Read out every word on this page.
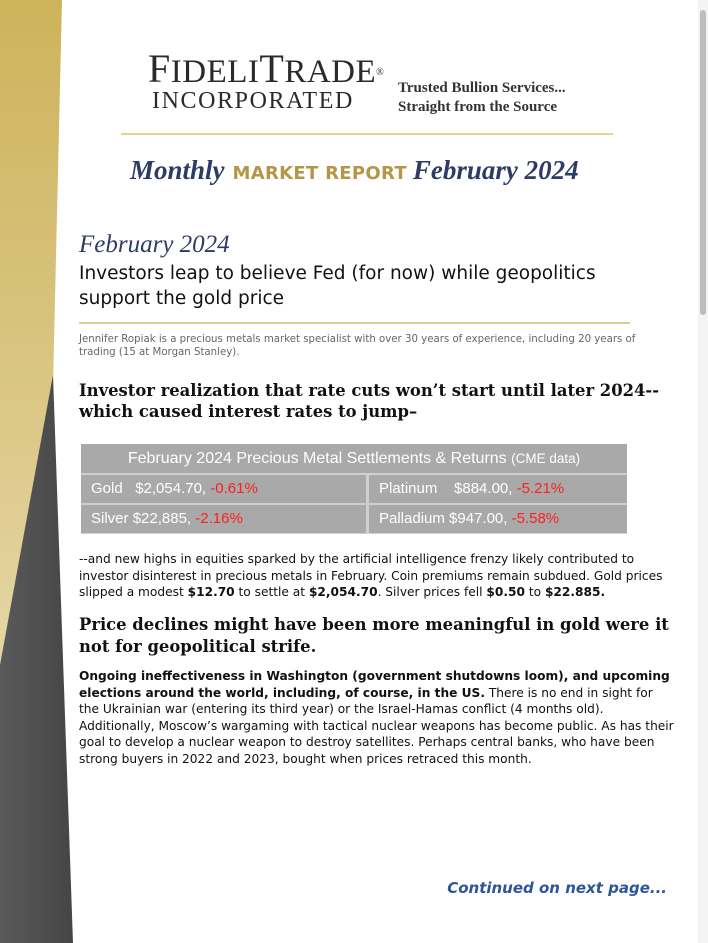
FIDELITRADE®
INCORPORATED	Trusted Bullion Services...
Straight from the Source
Monthly MARKET REPORT February 2024
February 2024
Investors leap to believe Fed (for now) while geopolitics support the gold price
Jennifer Ropiak is a precious metals market specialist with over 30 years of experience, including 20 years of trading (15 at Morgan Stanley).
Investor realization that rate cuts won’t start until later 2024--which caused interest rates to jump–
February 2024 Precious Metal Settlements & Returns (CME data)
Gold $2,054.70, -0.61%	Platinum $884.00, -5.21%
Silver $22,885, -2.16%	Palladium $947.00, -5.58%
--and new highs in equities sparked by the artificial intelligence frenzy likely contributed to investor disinterest in precious metals in February. Coin premiums remain subdued. Gold prices slipped a modest $12.70 to settle at $2,054.70. Silver prices fell $0.50 to $22.885.
Price declines might have been more meaningful in gold were it not for geopolitical strife.
Ongoing ineffectiveness in Washington (government shutdowns loom), and upcoming elections around the world, including, of course, in the US. There is no end in sight for the Ukrainian war (entering its third year) or the Israel-Hamas conflict (4 months old). Additionally, Moscow’s wargaming with tactical nuclear weapons has become public. As has their goal to develop a nuclear weapon to destroy satellites. Perhaps central banks, who have been strong buyers in 2022 and 2023, bought when prices retraced this month.
Continued on next page...
